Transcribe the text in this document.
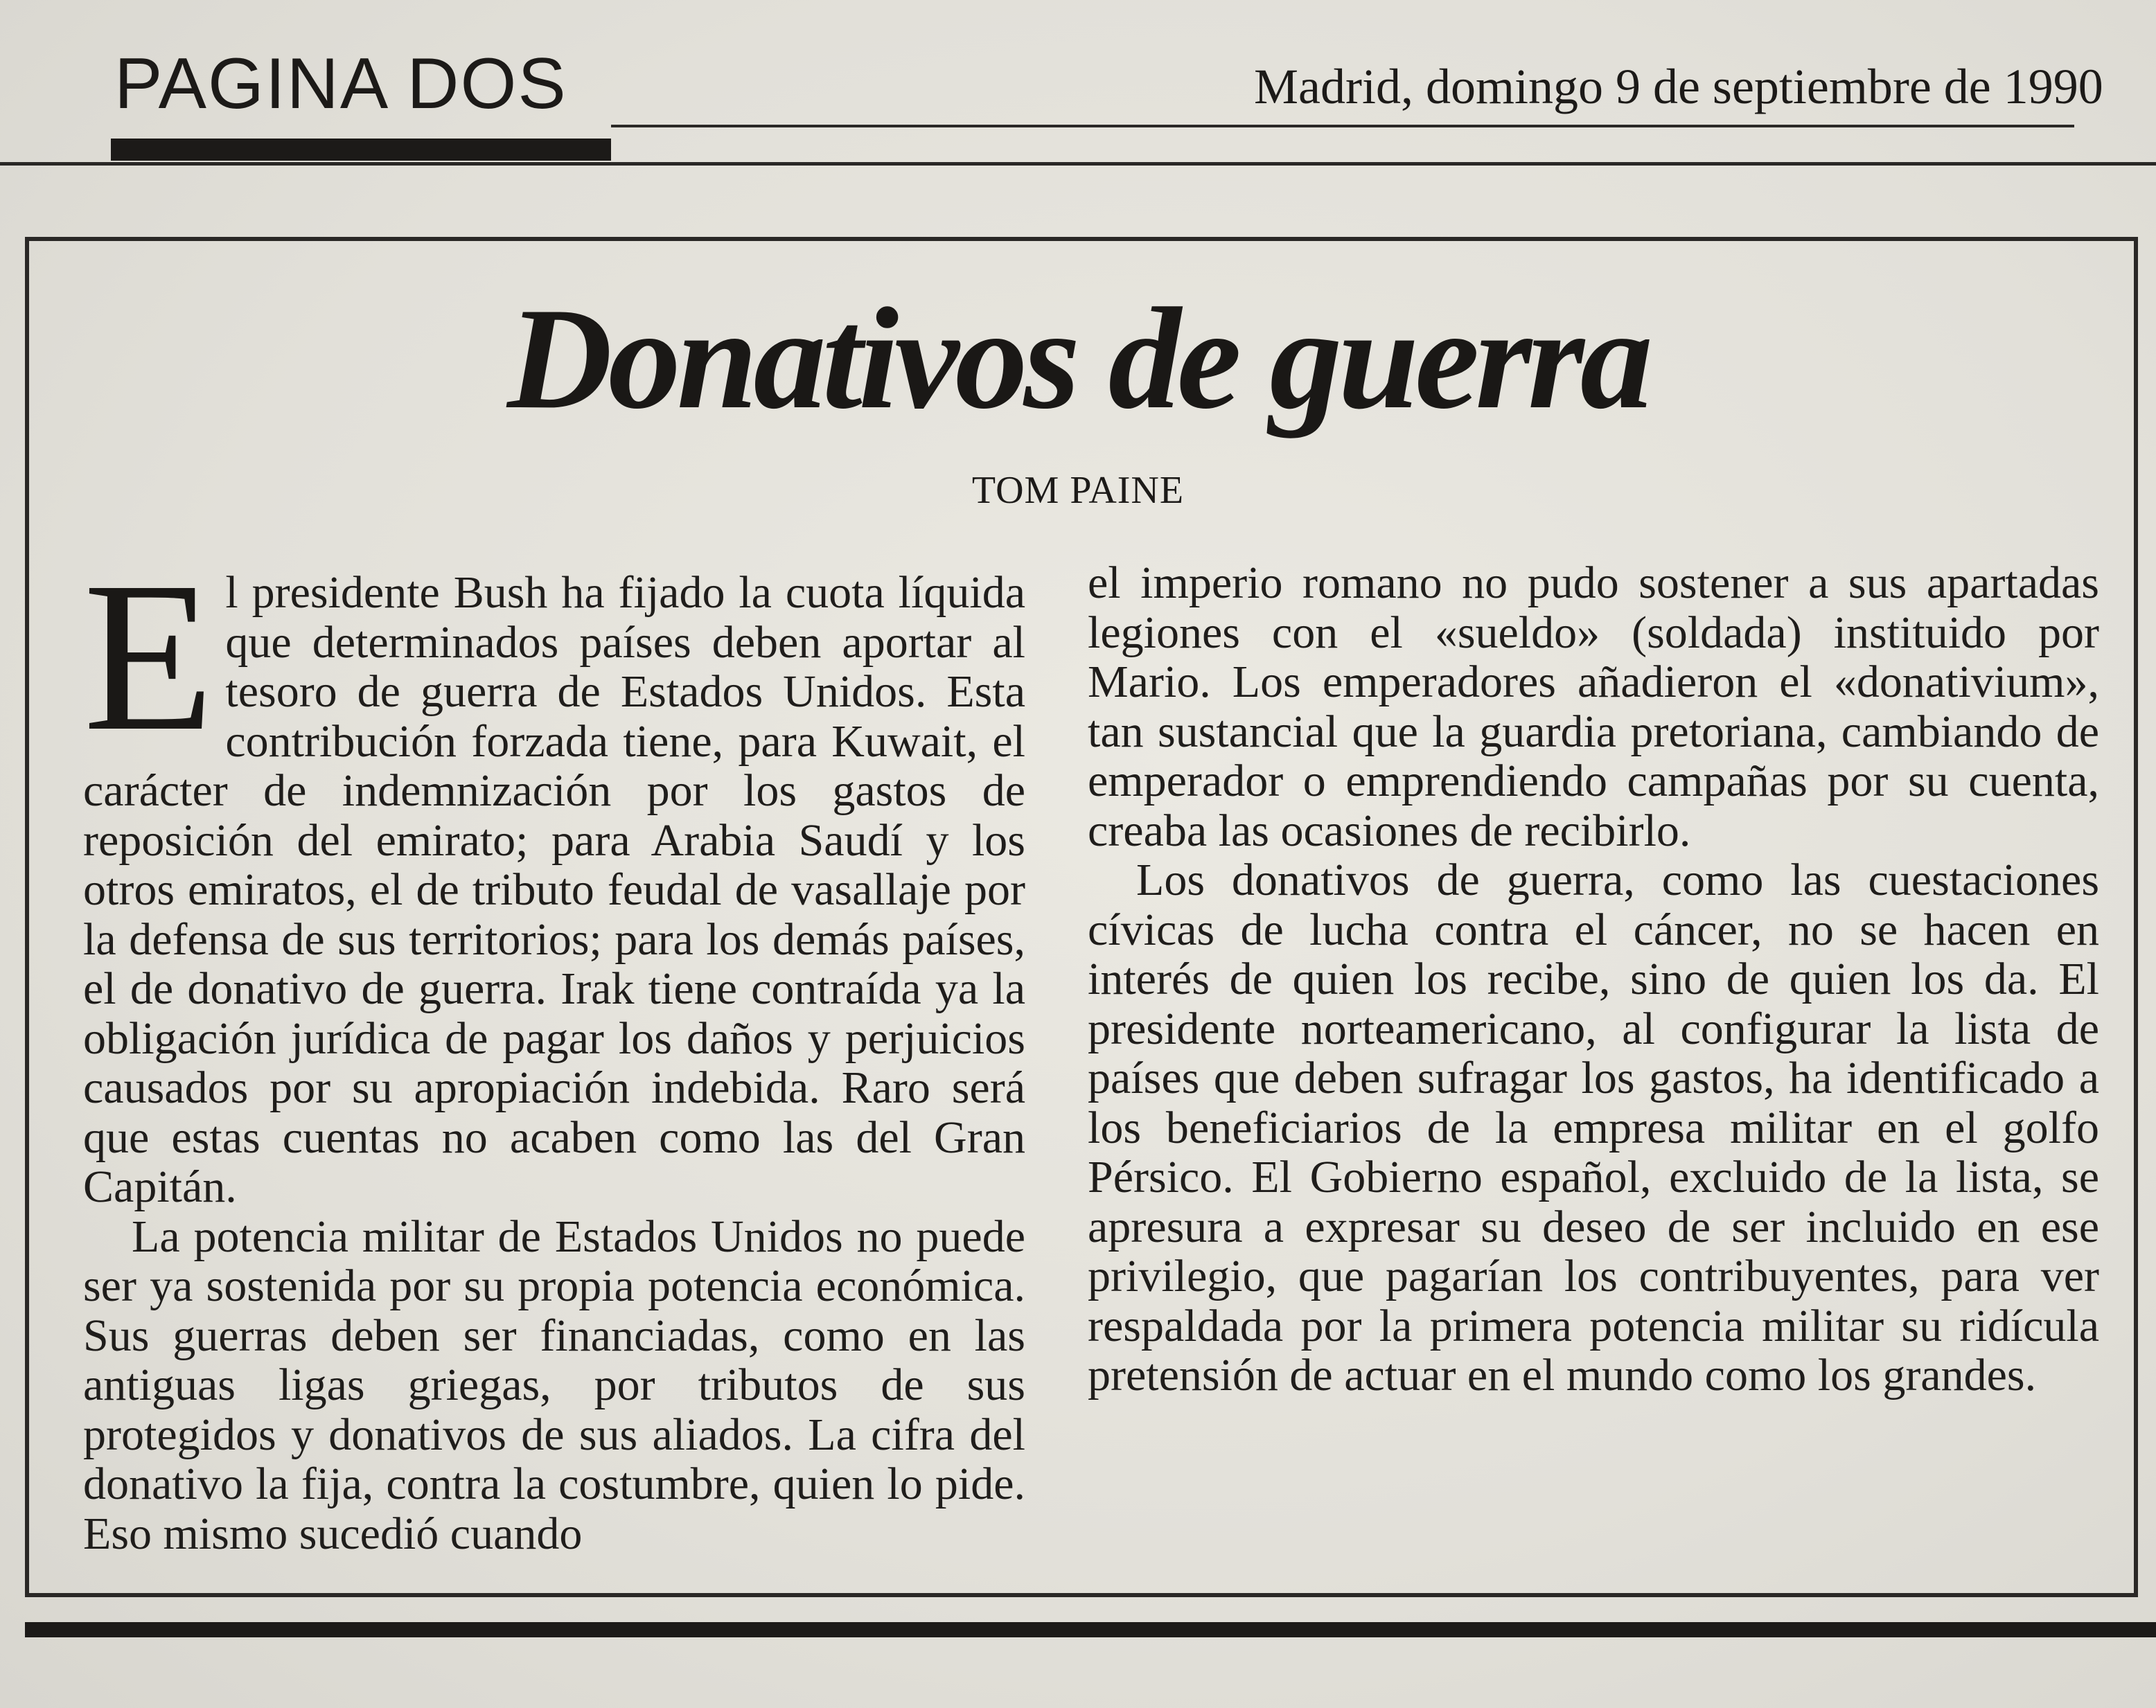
PAGINA DOS	Madrid, domingo 9 de septiembre de 1990
Donativos de guerra
TOM PAINE

El presidente Bush ha fijado la cuota líquida que determinados países deben aportar al tesoro de guerra de Estados Unidos. Esta contribución forzada tiene, para Kuwait, el carácter de indemnización por los gastos de reposición del emirato; para Arabia Saudí y los otros emiratos, el de tributo feudal de vasallaje por la defensa de sus territorios; para los demás países, el de donativo de guerra. Irak tiene contraída ya la obligación jurídica de pagar los daños y perjuicios causados por su apropiación indebida. Raro será que estas cuentas no acaben como las del Gran Capitán.

La potencia militar de Estados Unidos no puede ser ya sostenida por su propia potencia económica. Sus guerras deben ser financiadas, como en las antiguas ligas griegas, por tributos de sus protegidos y donativos de sus aliados. La cifra del donativo la fija, contra la costumbre, quien lo pide. Eso mismo sucedió cuando

el imperio romano no pudo sostener a sus apartadas legiones con el «sueldo» (soldada) instituido por Mario. Los emperadores añadieron el «donativium», tan sustancial que la guardia pretoriana, cambiando de emperador o emprendiendo campañas por su cuenta, creaba las ocasiones de recibirlo.

Los donativos de guerra, como las cuestaciones cívicas de lucha contra el cáncer, no se hacen en interés de quien los recibe, sino de quien los da. El presidente norteamericano, al configurar la lista de países que deben sufragar los gastos, ha identificado a los beneficiarios de la empresa militar en el golfo Pérsico. El Gobierno español, excluido de la lista, se apresura a expresar su deseo de ser incluido en ese privilegio, que pagarían los contribuyentes, para ver respaldada por la primera potencia militar su ridícula pretensión de actuar en el mundo como los grandes.
